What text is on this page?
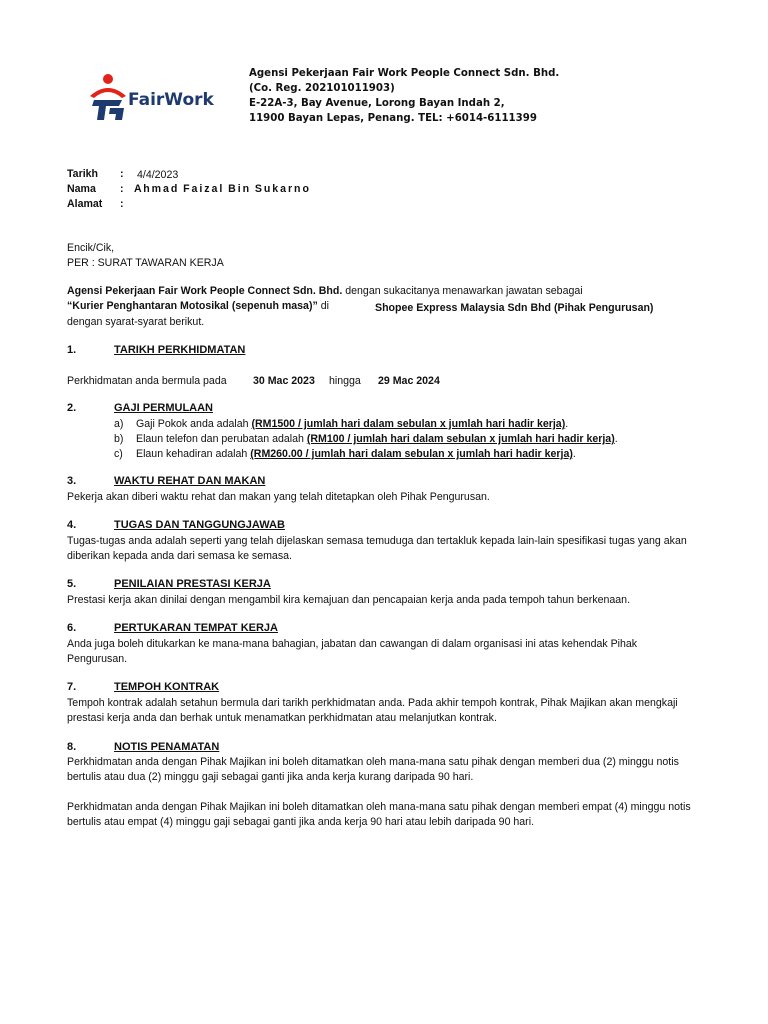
FairWork
Agensi Pekerjaan Fair Work People Connect Sdn. Bhd.
(Co. Reg. 202101011903)
E-22A-3, Bay Avenue, Lorong Bayan Indah 2,
11900 Bayan Lepas, Penang. TEL: +6014-6111399
Tarikh : 4/4/2023
Nama : A h m a d   F a i z a l   B i n   S u k a r n o
Alamat :
Encik/Cik,
PER : SURAT TAWARAN KERJA
Agensi Pekerjaan Fair Work People Connect Sdn. Bhd. dengan sukacitanya menawarkan jawatan sebagai
“Kurier Penghantaran Motosikal (sepenuh masa)” di	Shopee Express Malaysia Sdn Bhd (Pihak Pengurusan)
dengan syarat-syarat berikut.
1.	TARIKH PERKHIDMATAN
Perkhidmatan anda bermula pada 30 Mac 2023 hingga 29 Mac 2024
2.	GAJI PERMULAAN
a) Gaji Pokok anda adalah (RM1500 / jumlah hari dalam sebulan x jumlah hari hadir kerja).
b) Elaun telefon dan perubatan adalah (RM100 / jumlah hari dalam sebulan x jumlah hari hadir kerja).
c) Elaun kehadiran adalah (RM260.00 / jumlah hari dalam sebulan x jumlah hari hadir kerja).
3.	WAKTU REHAT DAN MAKAN
Pekerja akan diberi waktu rehat dan makan yang telah ditetapkan oleh Pihak Pengurusan.
4.	TUGAS DAN TANGGUNGJAWAB
Tugas-tugas anda adalah seperti yang telah dijelaskan semasa temuduga dan tertakluk kepada lain-lain spesifikasi tugas yang akan diberikan kepada anda dari semasa ke semasa.
5.	PENILAIAN PRESTASI KERJA
Prestasi kerja akan dinilai dengan mengambil kira kemajuan dan pencapaian kerja anda pada tempoh tahun berkenaan.
6.	PERTUKARAN TEMPAT KERJA
Anda juga boleh ditukarkan ke mana-mana bahagian, jabatan dan cawangan di dalam organisasi ini atas kehendak Pihak Pengurusan.
7.	TEMPOH KONTRAK
Tempoh kontrak adalah setahun bermula dari tarikh perkhidmatan anda. Pada akhir tempoh kontrak, Pihak Majikan akan mengkaji prestasi kerja anda dan berhak untuk menamatkan perkhidmatan atau melanjutkan kontrak.
8.	NOTIS PENAMATAN
Perkhidmatan anda dengan Pihak Majikan ini boleh ditamatkan oleh mana-mana satu pihak dengan memberi dua (2) minggu notis bertulis atau dua (2) minggu gaji sebagai ganti jika anda kerja kurang daripada 90 hari.
Perkhidmatan anda dengan Pihak Majikan ini boleh ditamatkan oleh mana-mana satu pihak dengan memberi empat (4) minggu notis bertulis atau empat (4) minggu gaji sebagai ganti jika anda kerja 90 hari atau lebih daripada 90 hari.
